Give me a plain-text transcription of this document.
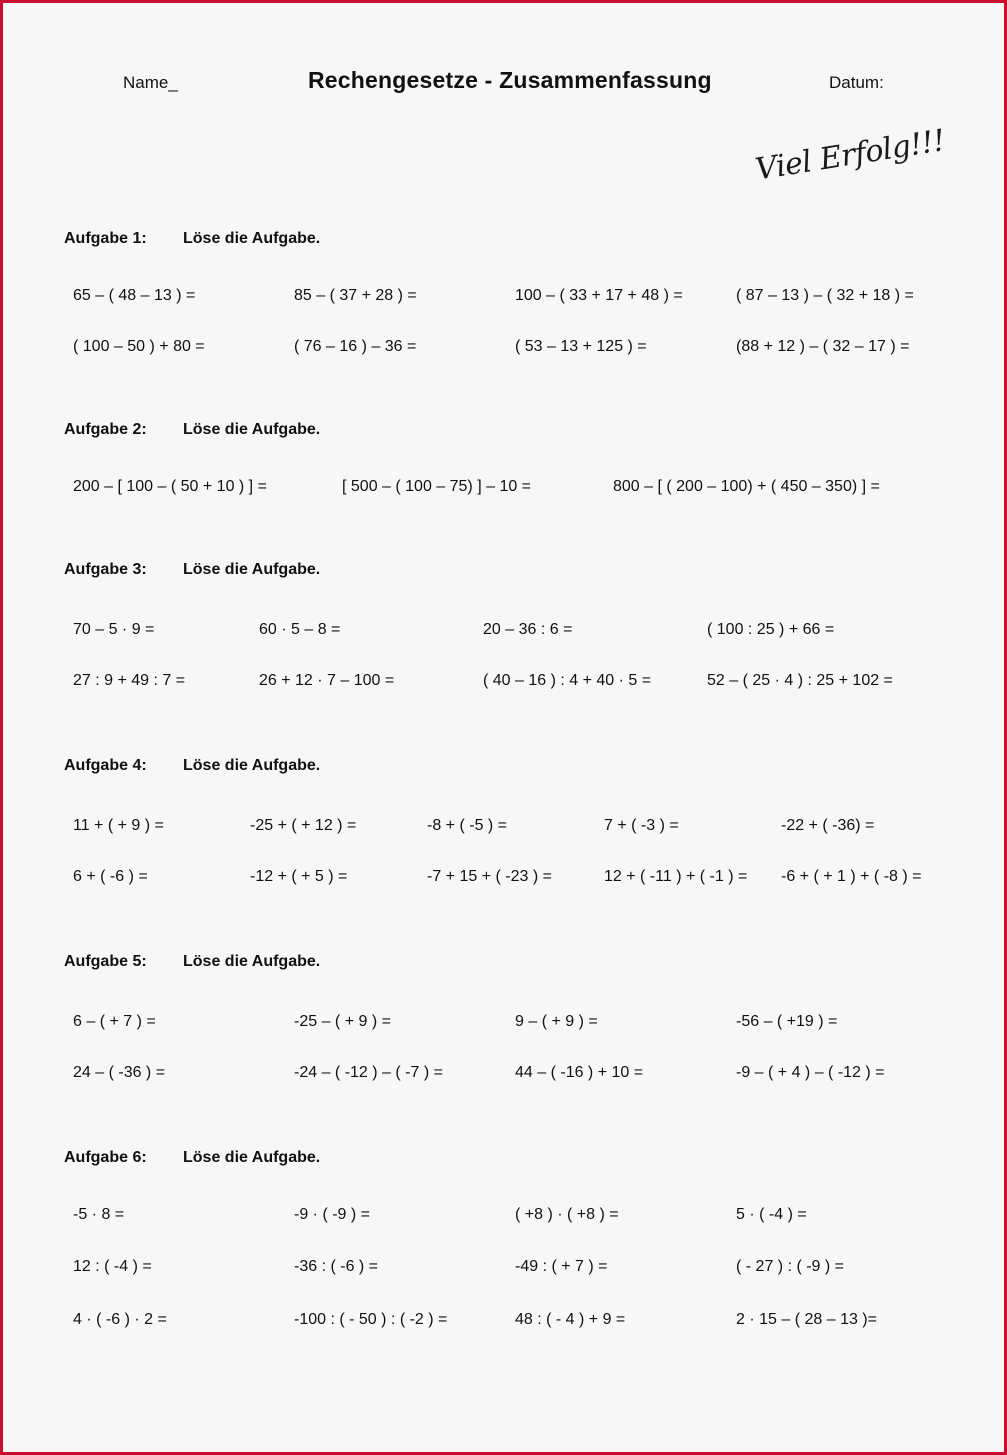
Name_	Rechengesetze - Zusammenfassung	Datum:
Viel Erfolg!!!
Aufgabe 1: Löse die Aufgabe.
65 – ( 48 – 13 ) =	85 – ( 37 + 28 ) =	100 – ( 33 + 17 + 48 ) =	( 87 – 13 ) – ( 32 + 18 ) =
( 100 – 50 ) + 80 =	( 76 – 16 ) – 36 =	( 53 – 13 + 125 ) =	(88 + 12 ) – ( 32 – 17 ) =
Aufgabe 2: Löse die Aufgabe.
200 – [ 100 – ( 50 + 10 ) ] =	[ 500 – ( 100 – 75) ] – 10 =	800 – [ ( 200 – 100) + ( 450 – 350) ] =
Aufgabe 3: Löse die Aufgabe.
70 – 5 · 9 =	60 · 5 – 8 =	20 – 36 : 6 =	( 100 : 25 ) + 66 =
27 : 9 + 49 : 7 =	26 + 12 · 7 – 100 =	( 40 – 16 ) : 4 + 40 · 5 =	52 – ( 25 · 4 ) : 25 + 102 =
Aufgabe 4: Löse die Aufgabe.
11 + ( + 9 ) =	-25 + ( + 12 ) =	-8 + ( -5 ) =	7 + ( -3 ) =	-22 + ( -36) =
6 + ( -6 ) =	-12 + ( + 5 ) =	-7 + 15 + ( -23 ) =	12 + ( -11 ) + ( -1 ) = -6 + ( + 1 ) + ( -8 ) =
Aufgabe 5: Löse die Aufgabe.
6 – ( + 7 ) =	-25 – ( + 9 ) =	9 – ( + 9 ) =	-56 – ( +19 ) =
24 – ( -36 ) =	-24 – ( -12 ) – ( -7 ) =	44 – ( -16 ) + 10 =	-9 – ( + 4 ) – ( -12 ) =
Aufgabe 6: Löse die Aufgabe.
-5 · 8 =	-9 · ( -9 ) =	( +8 ) · ( +8 ) =	5 · ( -4 ) =
12 : ( -4 ) =	-36 : ( -6 ) =	-49 : ( + 7 ) =	( - 27 ) : ( -9 ) =
4 · ( -6 ) · 2 =	-100 : ( - 50 ) : ( -2 ) =	48 : ( - 4 ) + 9 =	2 · 15 – ( 28 – 13 )=
